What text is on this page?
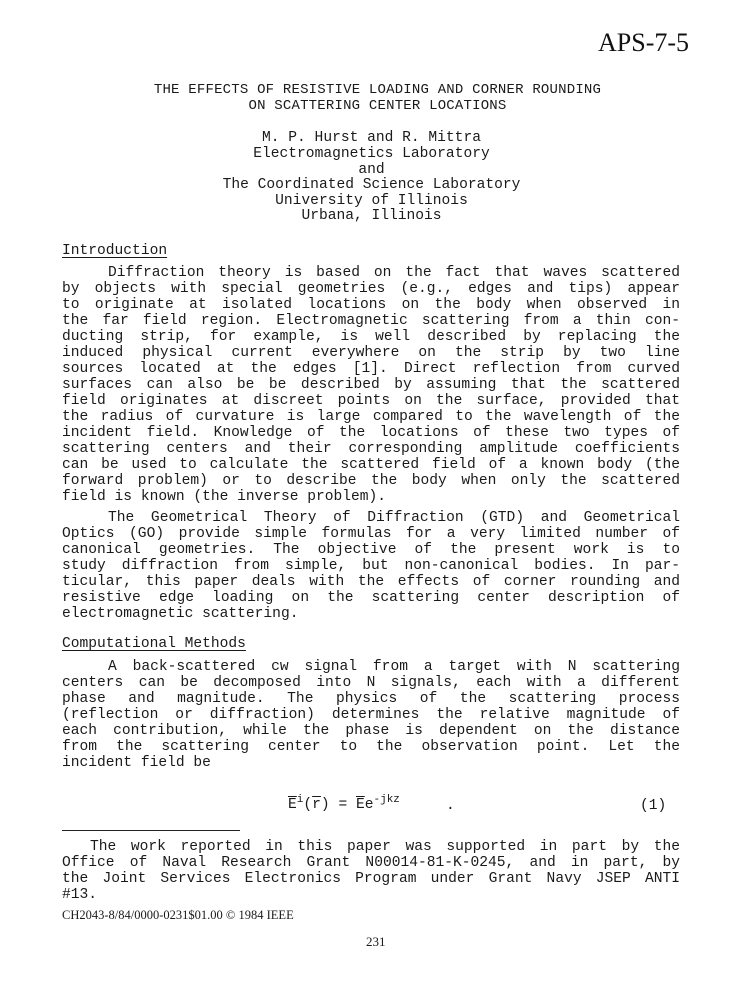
APS-7-5
THE EFFECTS OF RESISTIVE LOADING AND CORNER ROUNDING
ON SCATTERING CENTER LOCATIONS
M. P. Hurst and R. Mittra
Electromagnetics Laboratory
and
The Coordinated Science Laboratory
University of Illinois
Urbana, Illinois
Introduction
Diffraction theory is based on the fact that waves scattered
by objects with special geometries (e.g., edges and tips) appear
to originate at isolated locations on the body when observed in
the far field region. Electromagnetic scattering from a thin con-
ducting strip, for example, is well described by replacing the
induced physical current everywhere on the strip by two line
sources located at the edges [1]. Direct reflection from curved
surfaces can also be be described by assuming that the scattered
field originates at discreet points on the surface, provided that
the radius of curvature is large compared to the wavelength of the
incident field. Knowledge of the locations of these two types of
scattering centers and their corresponding amplitude coefficients
can be used to calculate the scattered field of a known body (the
forward problem) or to describe the body when only the scattered
field is known (the inverse problem).
The Geometrical Theory of Diffraction (GTD) and Geometrical
Optics (GO) provide simple formulas for a very limited number of
canonical geometries. The objective of the present work is to
study diffraction from simple, but non-canonical bodies. In par-
ticular, this paper deals with the effects of corner rounding and
resistive edge loading on the scattering center description of
electromagnetic scattering.
Computational Methods
A back-scattered cw signal from a target with N scattering
centers can be decomposed into N signals, each with a different
phase and magnitude. The physics of the scattering process
(reflection or diffraction) determines the relative magnitude of
each contribution, while the phase is dependent on the distance
from the scattering center to the observation point. Let the
incident field be
$\overline{E}^i(\overline{r}) = \overline{E}e^{-jkz}$	.	(1)
The work reported in this paper was supported in part by the
Office of Naval Research Grant N00014-81-K-0245, and in part, by
the Joint Services Electronics Program under Grant Navy JSEP ANTI
#13.
CH2043-8/84/0000-0231$01.00 © 1984 IEEE
231
